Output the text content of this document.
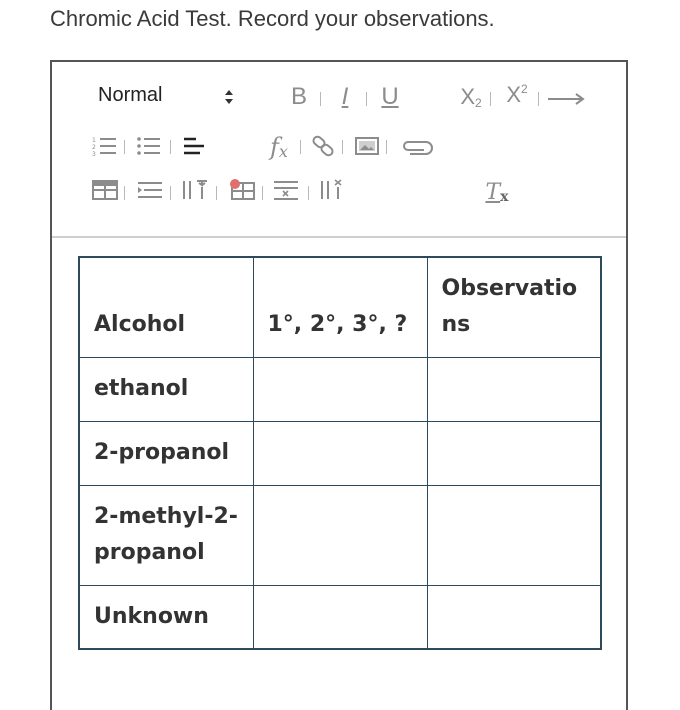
Chromic Acid Test. Record your observations.
Normal	B	I	U	X 2 X 2
1
2
3	f x
T x
Alcohol	1°, 2°, 3°, ?	Observations
ethanol		
2-propanol		
2-methyl-2-propanol		
Unknown		
